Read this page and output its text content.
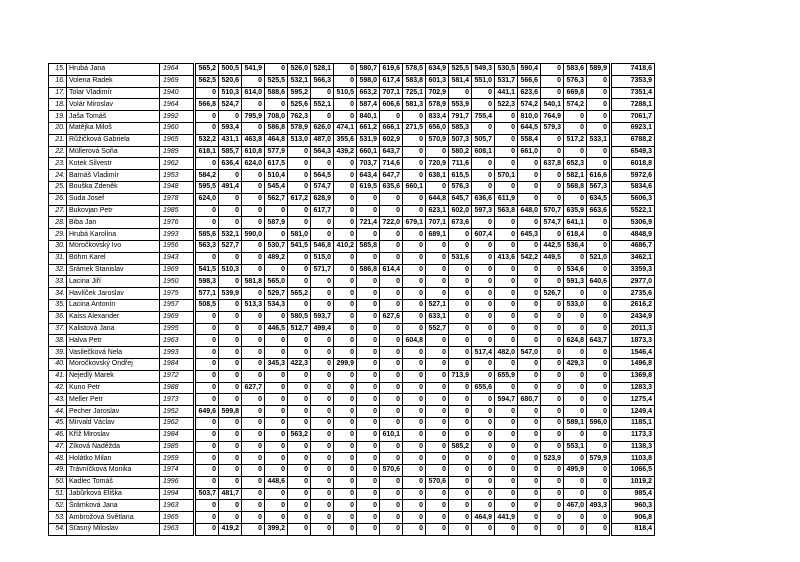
15.	Hrubá Jana	1964		565,2	500,5	541,9	0	526,0	528,1	0	580,7	619,6	578,5	634,9	525,5	549,3	530,5	590,4	0	583,6	589,9		7418,6
16.	Volena Radek	1969		562,5	520,6	0	525,5	532,1	566,3	0	598,0	617,4	583,8	601,3	581,4	551,0	531,7	566,6	0	576,3	0		7353,9
17.	Tolar Vladimír	1940		0	510,3	614,0	588,6	595,2	0	510,5	663,2	707,1	725,1	702,9	0	0	441,1	623,6	0	669,8	0		7351,4
18.	Volár Miroslav	1964		566,8	524,7	0	0	525,6	552,1	0	587,4	606,6	581,3	578,9	553,9	0	522,3	574,2	540,1	574,2	0		7288,1
19.	Jaša Tomáš	1992		0	0	795,9	708,0	762,3	0	0	840,1	0	0	833,4	791,7	755,4	0	810,0	764,9	0	0		7061,7
20.	Matějka Miloš	1960		0	593,4	0	586,8	578,9	626,0	474,1	661,2	666,1	271,5	656,0	585,3	0	0	644,5	579,3	0	0		6923,1
21.	Růžičková Gabriela	1965		532,2	431,1	463,8	464,8	513,0	487,0	355,6	531,9	602,9	0	570,9	507,3	505,7	0	558,4	0	517,2	533,1		6788,2
22.	Müllerová Soňa	1989		618,1	585,7	610,8	577,9	0	564,3	439,2	660,1	643,7	0	0	580,2	608,1	0	661,0	0	0	0		6549,3
23.	Kotek Silvestr	1962		0	636,4	624,0	617,5	0	0	0	703,7	714,6	0	720,9	711,6	0	0	0	637,8	652,3	0		6018,8
24.	Barnáš Vladimír	1953		584,2	0	0	510,4	0	564,5	0	643,4	647,7	0	638,1	615,5	0	570,1	0	0	582,1	616,6		5972,6
25.	Bouška Zdeněk	1948		595,5	491,4	0	545,4	0	574,7	0	619,5	635,6	660,1	0	576,3	0	0	0	0	568,8	567,3		5834,6
26.	Suda Josef	1978		624,0	0	0	562,7	617,2	628,9	0	0	0	0	644,8	645,7	636,6	611,9	0	0	0	634,5		5606,3
27.	Bukovjan Petr	1985		0	0	0	0	0	617,7	0	0	0	0	623,1	602,0	597,3	563,8	648,0	570,7	635,9	663,6		5522,1
28.	Biba Jan	1976		0	0	0	587,9	0	0	0	721,4	722,0	679,1	707,1	673,6	0	0	0	574,7	641,1	0		5306,9
29.	Hrubá Karolína	1993		585,6	532,1	590,0	0	581,0	0	0	0	0	0	689,1	0	607,4	0	645,3	0	618,4	0		4848,9
30.	Moročkovský Ivo	1956		563,3	527,7	0	530,7	541,5	546,8	410,2	585,8	0	0	0	0	0	0	0	442,5	536,4	0		4686,7
31.	Böhm Karel	1943		0	0	0	489,2	0	515,0	0	0	0	0	0	531,6	0	413,6	542,2	449,5	0	521,0		3462,1
32.	Šrámek Stanislav	1969		541,5	510,3	0	0	0	571,7	0	586,8	614,4	0	0	0	0	0	0	0	534,6	0		3359,3
33.	Lacina Jiří	1950		598,3	0	581,8	565,0	0	0	0	0	0	0	0	0	0	0	0	0	591,3	640,6		2977,0
34.	Havlíček Jaroslav	1975		577,1	539,9	0	529,7	565,2	0	0	0	0	0	0	0	0	0	0	526,7	0	0		2735,6
35.	Lacina Antonín	1957		508,5	0	513,3	534,3	0	0	0	0	0	0	527,1	0	0	0	0	0	533,0	0		2616,2
36.	Kaiss Alexander	1969		0	0	0	0	580,5	593,7	0	0	627,6	0	633,1	0	0	0	0	0	0	0		2434,9
37.	Kalistová Jana	1995		0	0	0	446,5	512,7	499,4	0	0	0	0	552,7	0	0	0	0	0	0	0		2011,3
38.	Halva Petr	1963		0	0	0	0	0	0	0	0	0	604,8	0	0	0	0	0	0	624,8	643,7		1873,3
39.	Vasilečková Nela	1993		0	0	0	0	0	0	0	0	0	0	0	0	517,4	482,0	547,0	0	0	0		1546,4
40.	Moročkovský Ondřej	1984		0	0	0	345,3	422,3	0	299,9	0	0	0	0	0	0	0	0	0	429,3	0		1496,8
41.	Nejedlý Marek	1972		0	0	0	0	0	0	0	0	0	0	0	713,9	0	655,9	0	0	0	0		1369,8
42.	Kuno Petr	1988		0	0	627,7	0	0	0	0	0	0	0	0	0	655,6	0	0	0	0	0		1283,3
43.	Meller Petr	1973		0	0	0	0	0	0	0	0	0	0	0	0	0	594,7	680,7	0	0	0		1275,4
44.	Pecher Jaroslav	1952		649,6	599,8	0	0	0	0	0	0	0	0	0	0	0	0	0	0	0	0		1249,4
45.	Mirvald Václav	1962		0	0	0	0	0	0	0	0	0	0	0	0	0	0	0	0	589,1	596,0		1185,1
46.	Kříž Miroslav	1984		0	0	0	0	563,2	0	0	0	610,1	0	0	0	0	0	0	0	0	0		1173,3
47.	Zíková Naděžda	1985		0	0	0	0	0	0	0	0	0	0	0	585,2	0	0	0	0	553,1	0		1138,3
48.	Holátko Milan	1959		0	0	0	0	0	0	0	0	0	0	0	0	0	0	0	523,9	0	579,9		1103,8
49.	Trávníčková Monika	1974		0	0	0	0	0	0	0	0	570,6	0	0	0	0	0	0	0	495,9	0		1066,5
50.	Kadlec Tomáš	1996		0	0	0	448,6	0	0	0	0	0	0	570,6	0	0	0	0	0	0	0		1019,2
51.	Jabůrková Eliška	1994		503,7	481,7	0	0	0	0	0	0	0	0	0	0	0	0	0	0	0	0		985,4
52.	Šrámková Jana	1963		0	0	0	0	0	0	0	0	0	0	0	0	0	0	0	0	467,0	493,3		960,3
53.	Ambrožová Světlana	1965		0	0	0	0	0	0	0	0	0	0	0	0	464,9	441,9	0	0	0	0		906,8
54.	Šťasný Miloslav	1963		0	419,2	0	399,2	0	0	0	0	0	0	0	0	0	0	0	0	0	0		818,4
